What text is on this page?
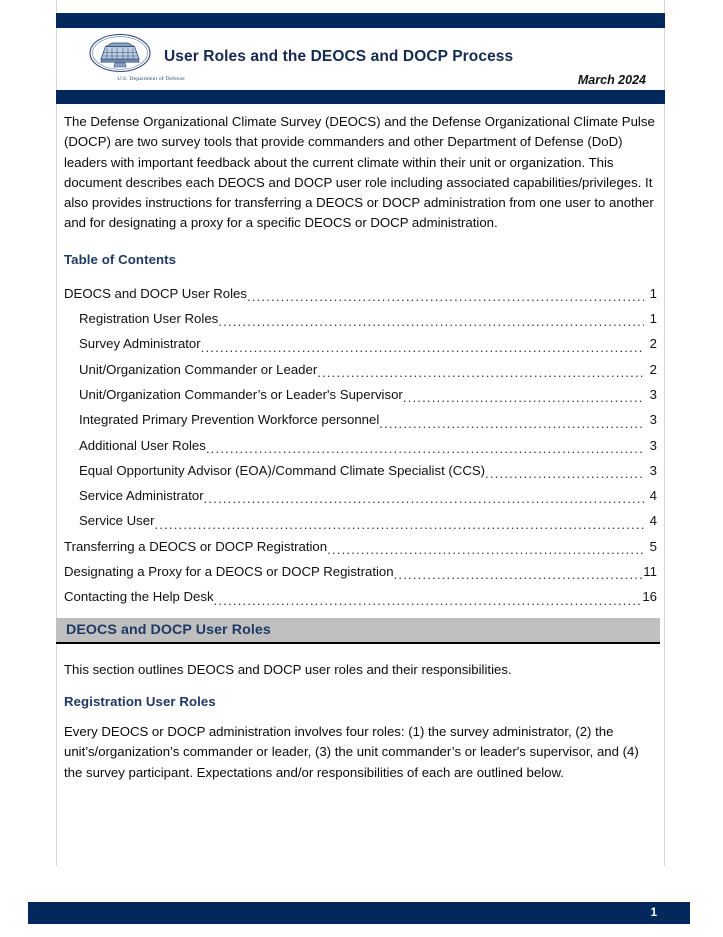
U.S. Department of Defense
User Roles and the DEOCS and DOCP Process
March 2024

The Defense Organizational Climate Survey (DEOCS) and the Defense Organizational Climate Pulse (DOCP) are two survey tools that provide commanders and other Department of Defense (DoD) leaders with important feedback about the current climate within their unit or organization. This document describes each DEOCS and DOCP user role including associated capabilities/privileges. It also provides instructions for transferring a DEOCS or DOCP administration from one user to another and for designating a proxy for a specific DEOCS or DOCP administration.

Table of Contents
DEOCS and DOCP User Roles .....	1
Registration User Roles .....	1
Survey Administrator .....	2
Unit/Organization Commander or Leader .....	2
Unit/Organization Commander’s or Leader's Supervisor .....	3
Integrated Primary Prevention Workforce personnel .....	3
Additional User Roles .....	3
Equal Opportunity Advisor (EOA)/Command Climate Specialist (CCS) .....	3
Service Administrator .....	4
Service User .....	4
Transferring a DEOCS or DOCP Registration .....	5
Designating a Proxy for a DEOCS or DOCP Registration .....	11
Contacting the Help Desk .....	16
DEOCS and DOCP User Roles

This section outlines DEOCS and DOCP user roles and their responsibilities.

Registration User Roles

Every DEOCS or DOCP administration involves four roles: (1) the survey administrator, (2) the unit’s/organization’s commander or leader, (3) the unit commander’s or leader's supervisor, and (4) the survey participant. Expectations and/or responsibilities of each are outlined below.

1
